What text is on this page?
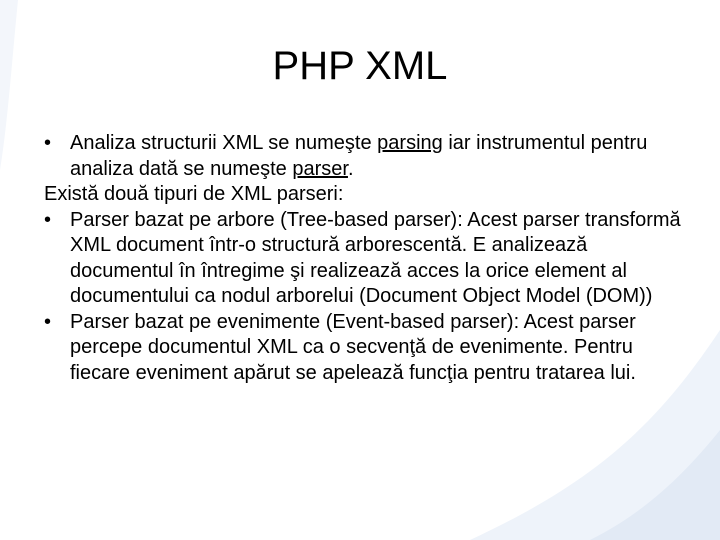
PHP XML
• Analiza structurii XML se numeşte parsing iar instrumentul pentru analiza dată se numeşte parser.
Există două tipuri de XML parseri:
• Parser bazat pe arbore (Tree-based parser): Acest parser transformă XML document într-o structură arborescentă. E analizează documentul în întregime şi realizează acces la orice element al documentului ca nodul arborelui (Document Object Model (DOM))
• Parser bazat pe evenimente (Event-based parser): Acest parser percepe documentul XML ca o secvenţă de evenimente. Pentru fiecare eveniment apărut se apelează funcţia pentru tratarea lui.
